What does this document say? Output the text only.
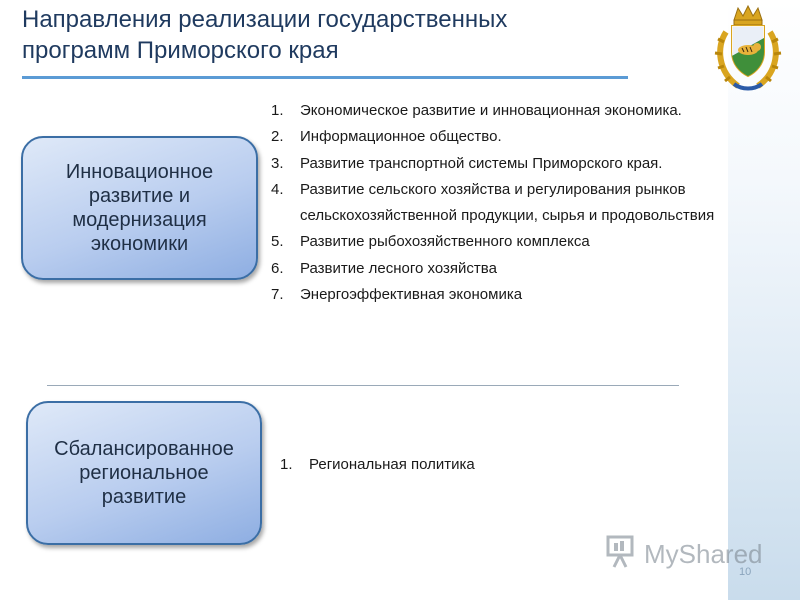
Направления реализации государственных программ Приморского края
Инновационное развитие и модернизация экономики
1. Экономическое развитие и инновационная экономика.
2. Информационное общество.
3. Развитие транспортной системы Приморского края.
4. Развитие сельского хозяйства и регулирования рынков сельскохозяйственной продукции, сырья и продовольствия
5. Развитие рыбохозяйственного комплекса
6. Развитие лесного хозяйства
7. Энергоэффективная экономика
Сбалансированное региональное развитие
1. Региональная политика
MyShared
10
